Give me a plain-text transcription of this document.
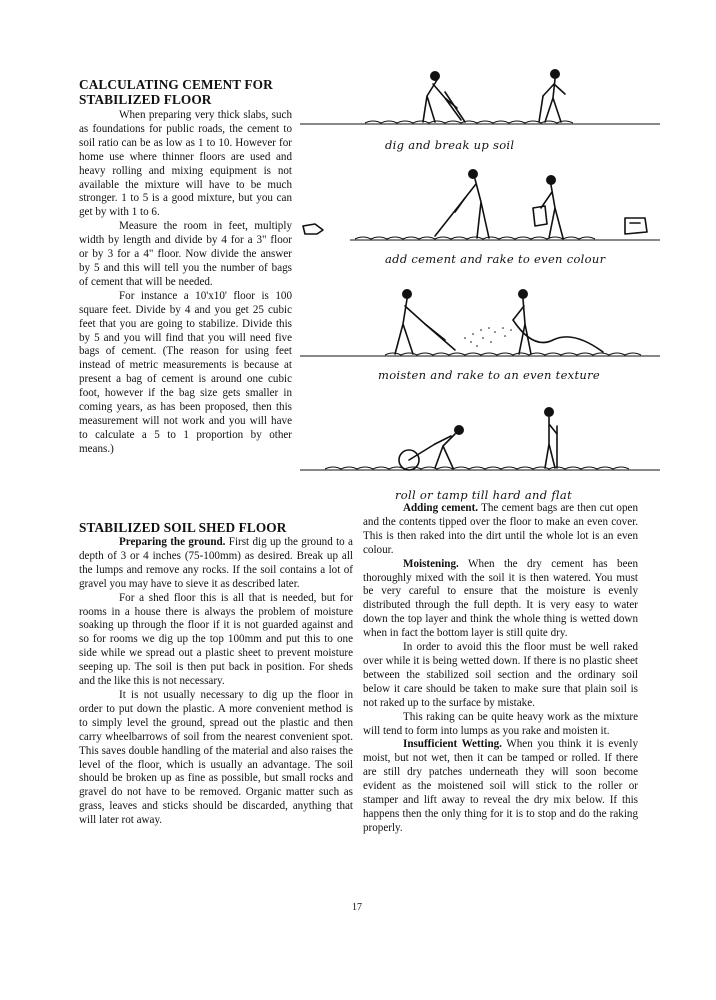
CALCULATING CEMENT FOR STABILIZED FLOOR

When preparing very thick slabs, such as foundations for public roads, the cement to soil ratio can be as low as 1 to 10. However for home use where thinner floors are used and heavy rolling and mixing equipment is not available the mixture will have to be much stronger. 1 to 5 is a good mixture, but you can get by with 1 to 6.

Measure the room in feet, multiply width by length and divide by 4 for a 3" floor or by 3 for a 4" floor. Now divide the answer by 5 and this will tell you the number of bags of cement that will be needed.

For instance a 10'x10' floor is 100 square feet. Divide by 4 and you get 25 cubic feet that you are going to stabilize. Divide this by 5 and you will find that you will need five bags of cement. (The reason for using feet instead of metric measurements is because at present a bag of cement is around one cubic foot, however if the bag size gets smaller in coming years, as has been proposed, then this measurement will not work and you will have to calculate a 5 to 1 proportion by other means.)

STABILIZED SOIL SHED FLOOR

Preparing the ground. First dig up the ground to a depth of 3 or 4 inches (75-100mm) as desired. Break up all the lumps and remove any rocks. If the soil contains a lot of gravel you may have to sieve it as described later.

For a shed floor this is all that is needed, but for rooms in a house there is always the problem of moisture soaking up through the floor if it is not guarded against and so for rooms we dig up the top 100mm and put this to one side while we spread out a plastic sheet to prevent moisture seeping up. The soil is then put back in position. For sheds and the like this is not necessary.

It is not usually necessary to dig up the floor in order to put down the plastic. A more convenient method is to simply level the ground, spread out the plastic and then carry wheelbarrows of soil from the nearest convenient spot. This saves double handling of the material and also raises the level of the floor, which is usually an advantage. The soil should be broken up as fine as possible, but small rocks and gravel do not have to be removed. Organic matter such as grass, leaves and sticks should be discarded, anything that will later rot away.

Adding cement. The cement bags are then cut open and the contents tipped over the floor to make an even cover. This is then raked into the dirt until the whole lot is an even colour.

Moistening. When the dry cement has been thoroughly mixed with the soil it is then watered. You must be very careful to ensure that the moisture is evenly distributed through the full depth. It is very easy to water down the top layer and think the whole thing is wetted down when in fact the bottom layer is still quite dry.

In order to avoid this the floor must be well raked over while it is being wetted down. If there is no plastic sheet between the stabilized soil section and the ordinary soil below it care should be taken to make sure that plain soil is not raked up to the surface by mistake.

This raking can be quite heavy work as the mixture will tend to form into lumps as you rake and moisten it.

Insufficient Wetting. When you think it is evenly moist, but not wet, then it can be tamped or rolled. If there are still dry patches underneath they will soon become evident as the moistened soil will stick to the roller or stamper and lift away to reveal the dry mix below. If this happens then the only thing for it is to stop and do the raking properly.

dig and break up soil
add cement and rake to even colour
moisten and rake to an even texture
roll or tamp till hard and flat
17
